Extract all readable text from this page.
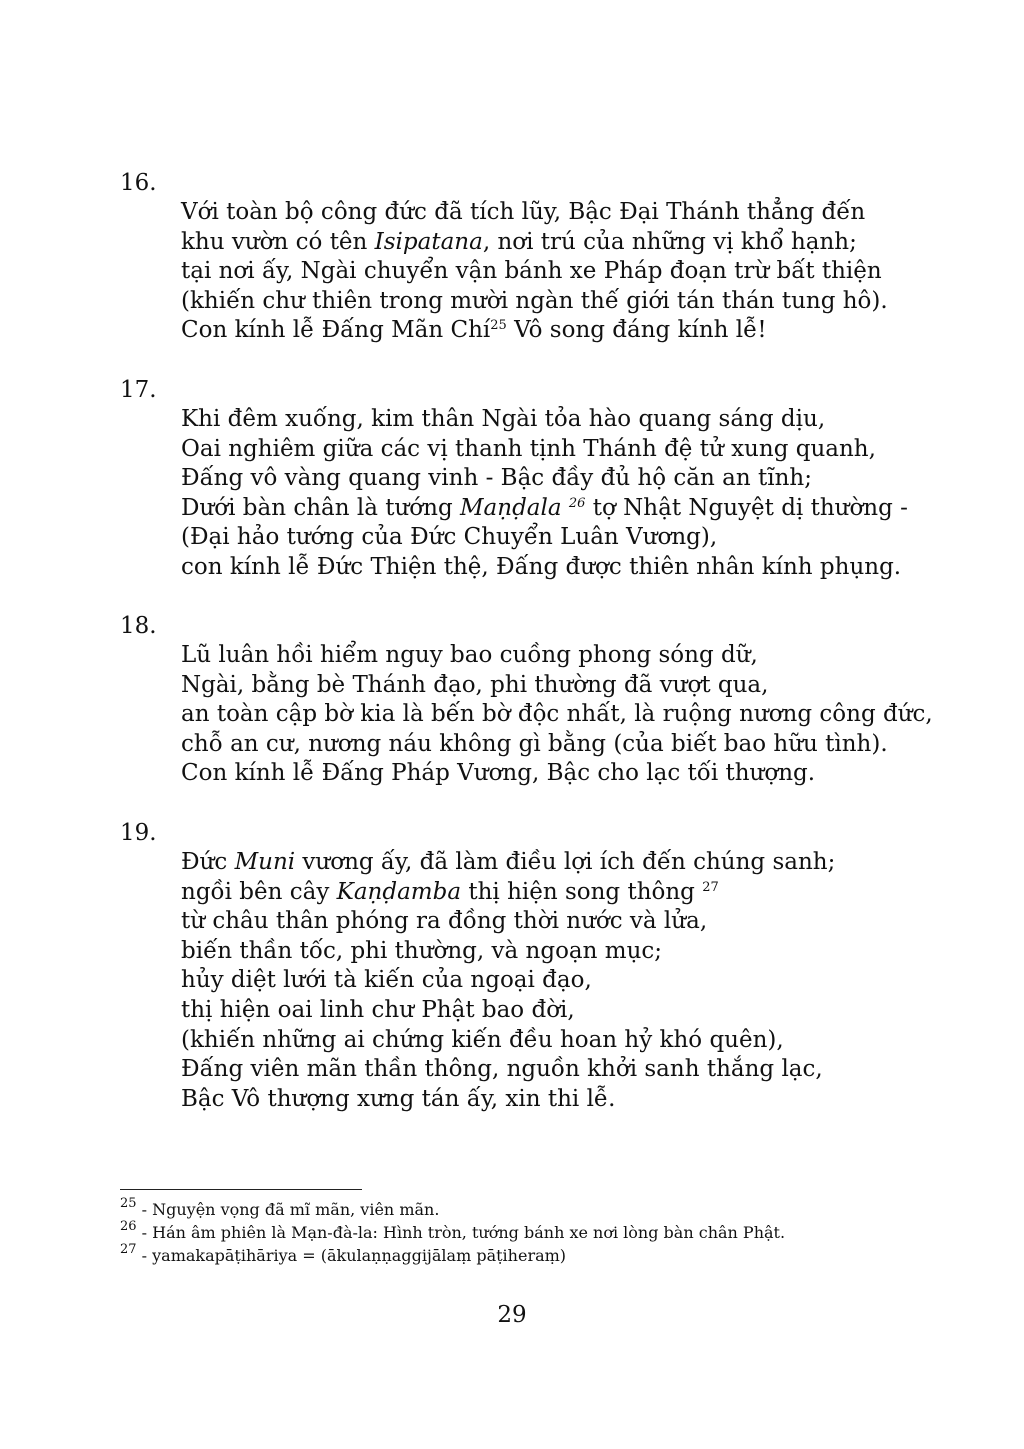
16.
Với toàn bộ công đức đã tích lũy, Bậc Đại Thánh thẳng đến
khu vườn có tên Isipatana, nơi trú của những vị khổ hạnh;
tại nơi ấy, Ngài chuyển vận bánh xe Pháp đoạn trừ bất thiện
(khiến chư thiên trong mười ngàn thế giới tán thán tung hô).
Con kính lễ Đấng Mãn Chí$^{25}$ Vô song đáng kính lễ!
17.
Khi đêm xuống, kim thân Ngài tỏa hào quang sáng dịu,
Oai nghiêm giữa các vị thanh tịnh Thánh đệ tử xung quanh,
Đấng vô vàng quang vinh - Bậc đầy đủ hộ căn an tĩnh;
Dưới bàn chân là tướng Maṇḍala $^{26}$ tợ Nhật Nguyệt dị thường -
(Đại hảo tướng của Đức Chuyển Luân Vương),
con kính lễ Đức Thiện thệ, Đấng được thiên nhân kính phụng.
18.
Lũ luân hồi hiểm nguy bao cuồng phong sóng dữ,
Ngài, bằng bè Thánh đạo, phi thường đã vượt qua,
an toàn cập bờ kia là bến bờ độc nhất, là ruộng nương công đức,
chỗ an cư, nương náu không gì bằng (của biết bao hữu tình).
Con kính lễ Đấng Pháp Vương, Bậc cho lạc tối thượng.
19.
Đức Muni vương ấy, đã làm điều lợi ích đến chúng sanh;
ngồi bên cây Kaṇḍamba thị hiện song thông $^{27}$
từ châu thân phóng ra đồng thời nước và lửa,
biến thần tốc, phi thường, và ngoạn mục;
hủy diệt lưới tà kiến của ngoại đạo,
thị hiện oai linh chư Phật bao đời,
(khiến những ai chứng kiến đều hoan hỷ khó quên),
Đấng viên mãn thần thông, nguồn khởi sanh thắng lạc,
Bậc Vô thượng xưng tán ấy, xin thi lễ.
$^{25}$ - Nguyện vọng đã mĩ mãn, viên mãn.
$^{26}$ - Hán âm phiên là Mạn-đà-la: Hình tròn, tướng bánh xe nơi lòng bàn chân Phật.
$^{27}$ - yamakapāṭihāriya = (ākulaṇṇaggijālaṃ pāṭiheraṃ)
29
